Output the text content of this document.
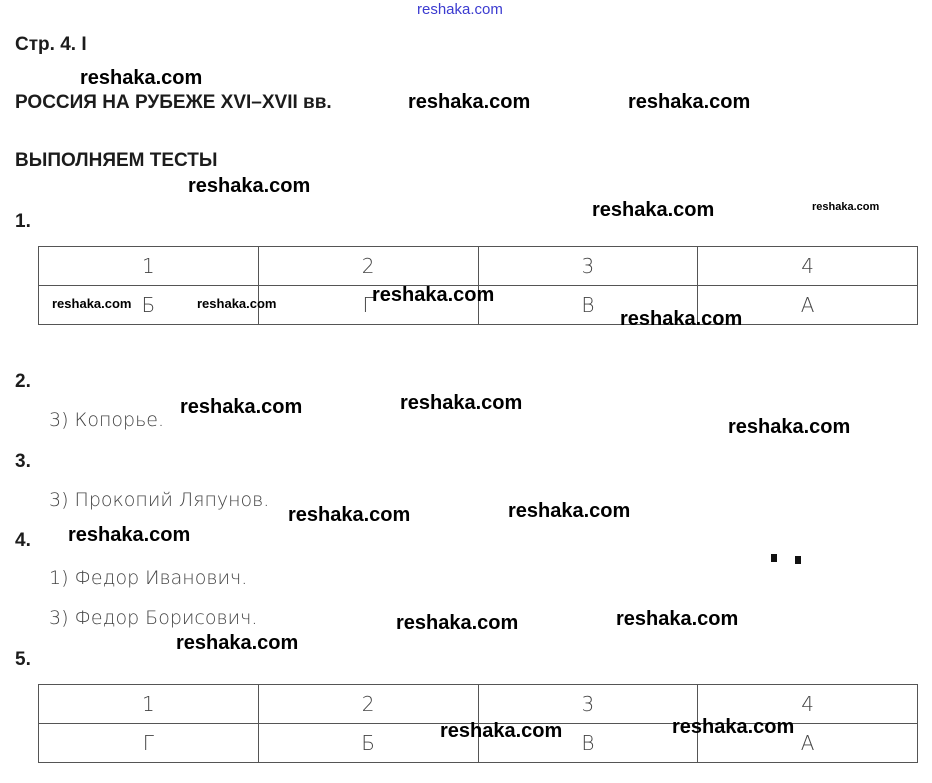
reshaka.com
Стр. 4. І
РОССИЯ НА РУБЕЖЕ XVI–XVII вв.
ВЫПОЛНЯЕМ ТЕСТЫ
1.
1	2	3	4
Б	Г	В	А
2.
3) Копорье.
3.
3) Прокопий Ляпунов.
4.
1) Федор Иванович.
3) Федор Борисович.
5.
1	2	3	4
Г	Б	В	А
reshaka.com
reshaka.com	reshaka.com
reshaka.com
reshaka.com	reshaka.com
reshaka.com	reshaka.com	reshaka.com
reshaka.com
reshaka.com	reshaka.com
reshaka.com
reshaka.com	reshaka.com
reshaka.com
reshaka.com	reshaka.com
reshaka.com
reshaka.com	reshaka.com
